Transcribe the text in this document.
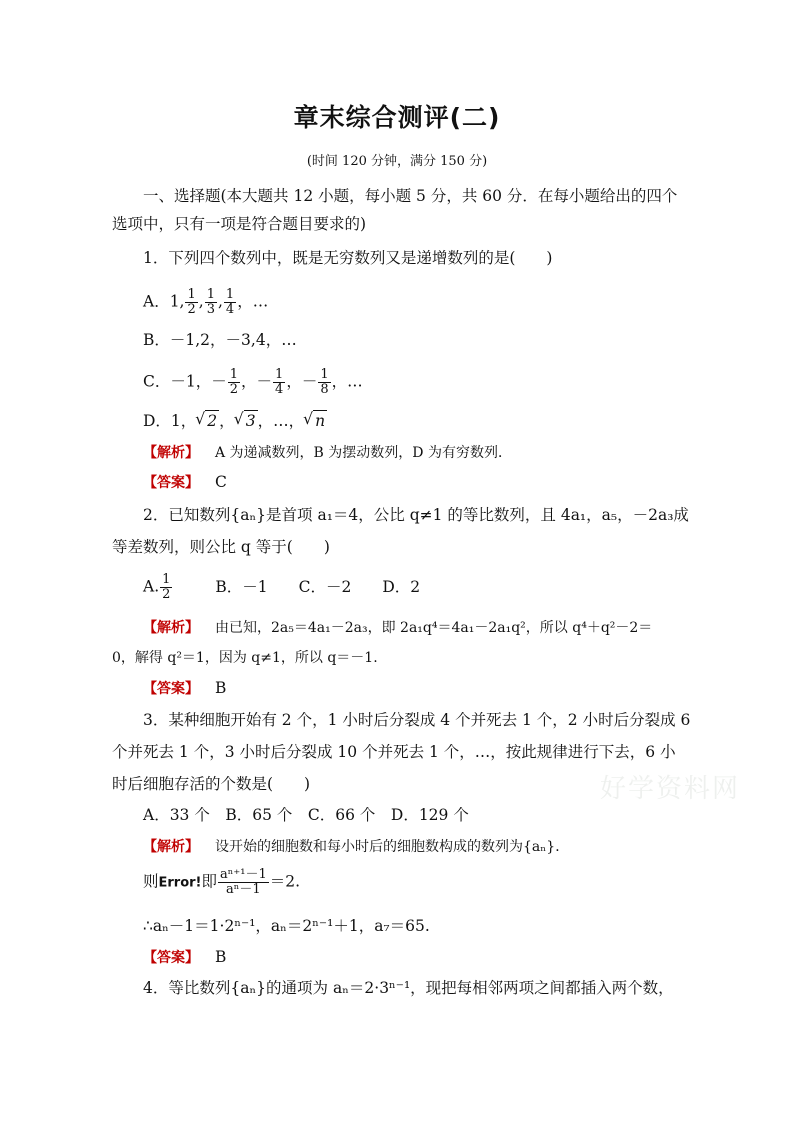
章末综合测评(二)
(时间 120 分钟，满分 150 分)
一、选择题(本大题共 12 小题，每小题 5 分，共 60 分．在每小题给出的四个
选项中，只有一项是符合题目要求的)
1．下列四个数列中，既是无穷数列又是递增数列的是(　　)
A．1, $\frac{1}{2}$ , $\frac{1}{3}$ , $\frac{1}{4}$ ，…
B．－1,2，－3,4，…
C．－1，－ $\frac{1}{2}$ ，－ $\frac{1}{4}$ ，－ $\frac{1}{8}$ ，…
D．1， √ 2 ， √ 3 ，…， √ n
【解析】 A 为递减数列，B 为摆动数列，D 为有穷数列．
【答案】 C
2．已知数列{aₙ}是首项 a₁＝4，公比 q≠1 的等比数列，且 4a₁，a₅，－2a₃成
等差数列，则公比 q 等于(　　)
A. $\frac{1}{2}$	B．－1　　C．－2　　D．2
【解析】 由已知，2a₅＝4a₁－2a₃，即 2a₁q⁴＝4a₁－2a₁q²，所以 q⁴＋q²－2＝
0，解得 q²＝1，因为 q≠1，所以 q＝－1.
【答案】 B
3．某种细胞开始有 2 个，1 小时后分裂成 4 个并死去 1 个，2 小时后分裂成 6
个并死去 1 个，3 小时后分裂成 10 个并死去 1 个，…，按此规律进行下去，6 小
时后细胞存活的个数是(　　)
A．33 个　B．65 个　C．66 个　D．129 个
【解析】 设开始的细胞数和每小时后的细胞数构成的数列为{aₙ}．
则Error!即 $\frac{\text{aⁿ⁺¹－1}}{\text{aⁿ－1}} =2$.
∴aₙ－1＝1·2ⁿ⁻¹，aₙ＝2ⁿ⁻¹＋1，a₇＝65.
【答案】 B
4．等比数列{aₙ}的通项为 aₙ＝2·3ⁿ⁻¹，现把每相邻两项之间都插入两个数，
好学资料网
